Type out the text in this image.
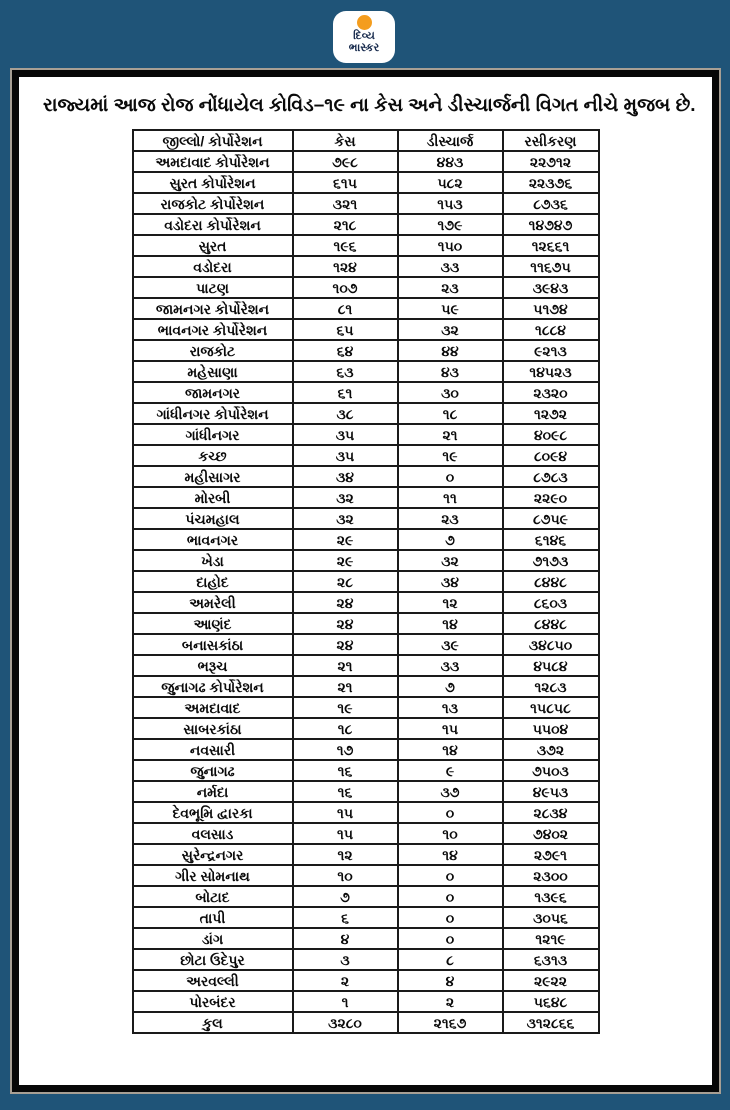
દિવ્ય
ભાસ્કર
રાજ્યમાં આજ રોજ નોંધાયેલ કોવિડ–૧૯ ના કેસ અને ડીસ્ચાર્જની વિગત નીચે મુજબ છે.
જીલ્લો/ કોર્પોરેશન	કેસ	ડીસ્ચાર્જ	રસીકરણ
અમદાવાદ કોર્પોરેશન	૭૯૮	૪૪૩	૨૨૭૧૨
સુરત કોર્પોરેશન	૬૧૫	૫૮૨	૨૨૩૭૬
રાજકોટ કોર્પોરેશન	૩૨૧	૧૫૩	૮૭૩૬
વડોદરા કોર્પોરેશન	૨૧૮	૧૭૯	૧૪૭૪૭
સુરત	૧૯૬	૧૫૦	૧૨૬૬૧
વડોદરા	૧૨૪	૩૩	૧૧૬૭૫
પાટણ	૧૦૭	૨૩	૩૯૪૩
જામનગર કોર્પોરેશન	૮૧	૫૯	૫૧૭૪
ભાવનગર કોર્પોરેશન	૬૫	૩૨	૧૮૮૪
રાજકોટ	૬૪	૪૪	૯૨૧૩
મહેસાણા	૬૩	૪૩	૧૪૫૨૩
જામનગર	૬૧	૩૦	૨૩૨૦
ગાંધીનગર કોર્પોરેશન	૩૮	૧૮	૧૨૭૨
ગાંધીનગર	૩૫	૨૧	૪૦૯૮
કચ્છ	૩૫	૧૯	૮૦૯૪
મહીસાગર	૩૪	૦	૮૭૮૩
મોરબી	૩૨	૧૧	૨૨૯૦
પંચમહાલ	૩૨	૨૩	૮૭૫૯
ભાવનગર	૨૯	૭	૬૧૪૬
ખેડા	૨૯	૩૨	૭૧૭૩
દાહોદ	૨૮	૩૪	૮૪૪૮
અમરેલી	૨૪	૧૨	૮૬૦૩
આણંદ	૨૪	૧૪	૮૪૪૮
બનાસકાંઠા	૨૪	૩૯	૩૪૮૫૦
ભરૂચ	૨૧	૩૩	૪૫૮૪
જુનાગઢ કોર્પોરેશન	૨૧	૭	૧૨૮૩
અમદાવાદ	૧૯	૧૩	૧૫૮૫૮
સાબરકાંઠા	૧૮	૧૫	૫૫૦૪
નવસારી	૧૭	૧૪	૩૭૨
જુનાગઢ	૧૬	૯	૭૫૦૩
નર્મદા	૧૬	૩૭	૪૯૫૩
દેવભૂમિ દ્વારકા	૧૫	૦	૨૮૩૪
વલસાડ	૧૫	૧૦	૭૪૦૨
સુરેન્દ્રનગર	૧૨	૧૪	૨૭૯૧
ગીર સોમનાથ	૧૦	૦	૨૩૦૦
બોટાદ	૭	૦	૧૩૯૬
તાપી	૬	૦	૩૦૫૬
ડાંગ	૪	૦	૧૨૧૯
છોટા ઉદેપુર	૩	૮	૬૩૧૩
અરવલ્લી	૨	૪	૨૯૨૨
પોરબંદર	૧	૨	૫૬૪૮
કુલ	૩૨૮૦	૨૧૬૭	૩૧૨૮૬૬
